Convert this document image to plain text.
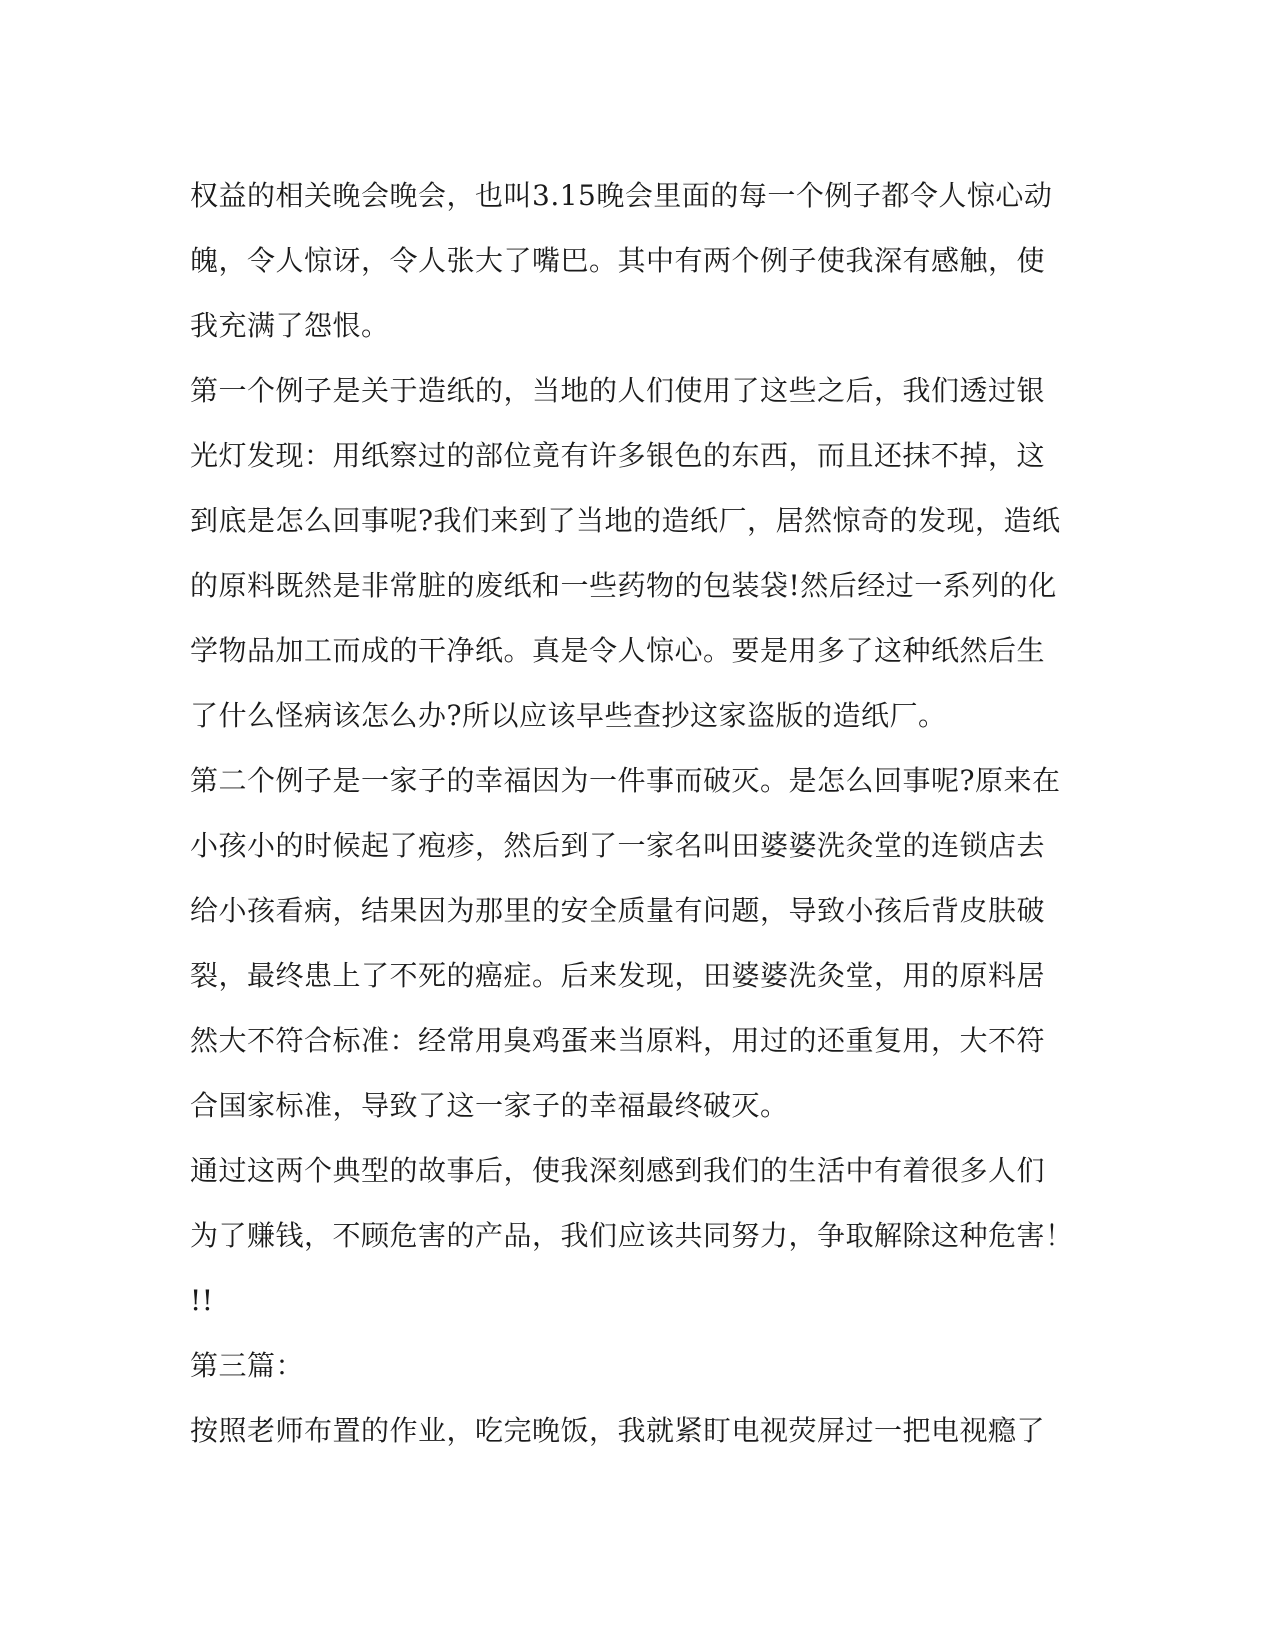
权益的相关晚会晚会，也叫3.15晚会里面的每一个例子都令人惊心动
魄，令人惊讶，令人张大了嘴巴。其中有两个例子使我深有感触，使
我充满了怨恨。
第一个例子是关于造纸的，当地的人们使用了这些之后，我们透过银
光灯发现：用纸察过的部位竟有许多银色的东西，而且还抹不掉，这
到底是怎么回事呢?我们来到了当地的造纸厂，居然惊奇的发现，造纸
的原料既然是非常脏的废纸和一些药物的包装袋!然后经过一系列的化
学物品加工而成的干净纸。真是令人惊心。要是用多了这种纸然后生
了什么怪病该怎么办?所以应该早些查抄这家盗版的造纸厂。
第二个例子是一家子的幸福因为一件事而破灭。是怎么回事呢?原来在
小孩小的时候起了疱疹，然后到了一家名叫田婆婆洗灸堂的连锁店去
给小孩看病，结果因为那里的安全质量有问题，导致小孩后背皮肤破
裂，最终患上了不死的癌症。后来发现，田婆婆洗灸堂，用的原料居
然大不符合标准：经常用臭鸡蛋来当原料，用过的还重复用，大不符
合国家标准，导致了这一家子的幸福最终破灭。
通过这两个典型的故事后，使我深刻感到我们的生活中有着很多人们
为了赚钱，不顾危害的产品，我们应该共同努力，争取解除这种危害！
!!
第三篇：
按照老师布置的作业，吃完晚饭，我就紧盯电视荧屏过一把电视瘾了
